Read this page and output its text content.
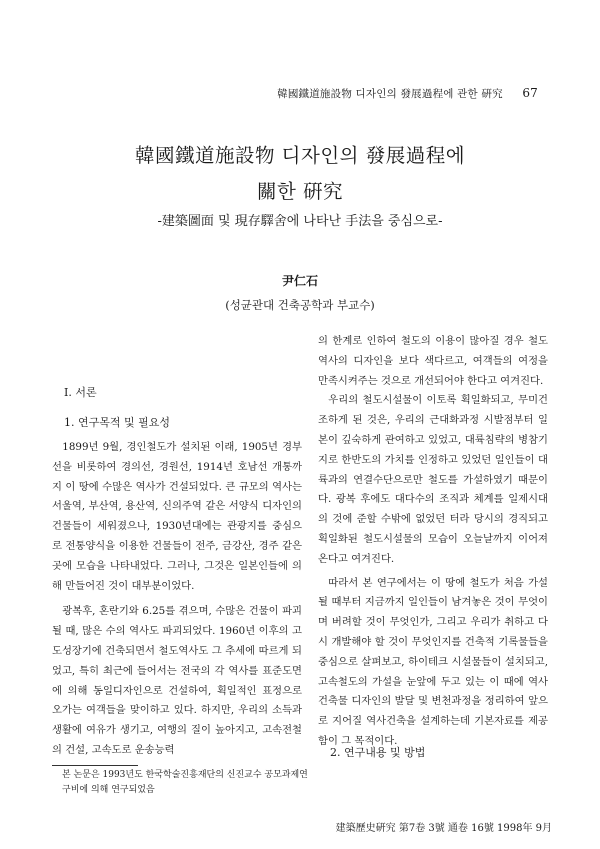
韓國鐵道施設物 디자인의 發展過程에 관한 硏究 67
韓國鐵道施設物 디자인의 發展過程에
關한 硏究
-建築圖面 및 現存驛舍에 나타난 手法을 중심으로-
尹仁石
(성균관대 건축공학과 부교수)
I. 서론
1. 연구목적 및 필요성

1899년 9월, 경인철도가 설치된 이래, 1905년 경부선을 비롯하여 경의선, 경원선, 1914년 호남선 개통까지 이 땅에 수많은 역사가 건설되었다. 큰 규모의 역사는 서울역, 부산역, 용산역, 신의주역 같은 서양식 디자인의 건물들이 세워졌으나, 1930년대에는 관광지를 중심으로 전통양식을 이용한 건물들이 전주, 금강산, 경주 같은 곳에 모습을 나타내었다. 그러나, 그것은 일본인들에 의해 만들어진 것이 대부분이었다.

광복후, 혼란기와 6.25를 겪으며, 수많은 건물이 파괴될 때, 많은 수의 역사도 파괴되었다. 1960년 이후의 고도성장기에 건축되면서 철도역사도 그 추세에 따르게 되었고, 특히 최근에 들어서는 전국의 각 역사를 표준도면에 의해 동일디자인으로 건설하여, 획일적인 표정으로 오가는 여객들을 맞이하고 있다. 하지만, 우리의 소득과 생활에 여유가 생기고, 여행의 질이 높아지고, 고속전철의 건설, 고속도로 운송능력

의 한계로 인하여 철도의 이용이 많아질 경우 철도역사의 디자인을 보다 색다르고, 여객들의 여정을 만족시켜주는 것으로 개선되어야 한다고 여겨진다.

우리의 철도시설물이 이토록 획일화되고, 무미건조하게 된 것은, 우리의 근대화과정 시발점부터 일본이 깊숙하게 관여하고 있었고, 대륙침략의 병참기지로 한반도의 가치를 인정하고 있었던 일인들이 대륙과의 연결수단으로만 철도를 가설하였기 때문이다. 광복 후에도 대다수의 조직과 체계를 일제시대의 것에 준할 수밖에 없었던 터라 당시의 경직되고 획일화된 철도시설물의 모습이 오늘날까지 이어져 온다고 여겨진다.

따라서 본 연구에서는 이 땅에 철도가 처음 가설될 때부터 지금까지 일인들이 남겨놓은 것이 무엇이며 버려할 것이 무엇인가, 그리고 우리가 취하고 다시 개발해야 할 것이 무엇인지를 건축적 기록물들을 중심으로 살펴보고, 하이테크 시설물들이 설치되고, 고속철도의 가설을 눈앞에 두고 있는 이 때에 역사건축물 디자인의 발달 및 변천과정을 정리하여 앞으로 지어질 역사건축을 설계하는데 기본자료를 제공함이 그 목적이다.

2. 연구내용 및 방법
본 논문은 1993년도 한국학술진흥재단의 신진교수 공모과제연구비에 의해 연구되었음
建築歷史硏究 第7卷 3號 通卷 16號 1998年 9月
